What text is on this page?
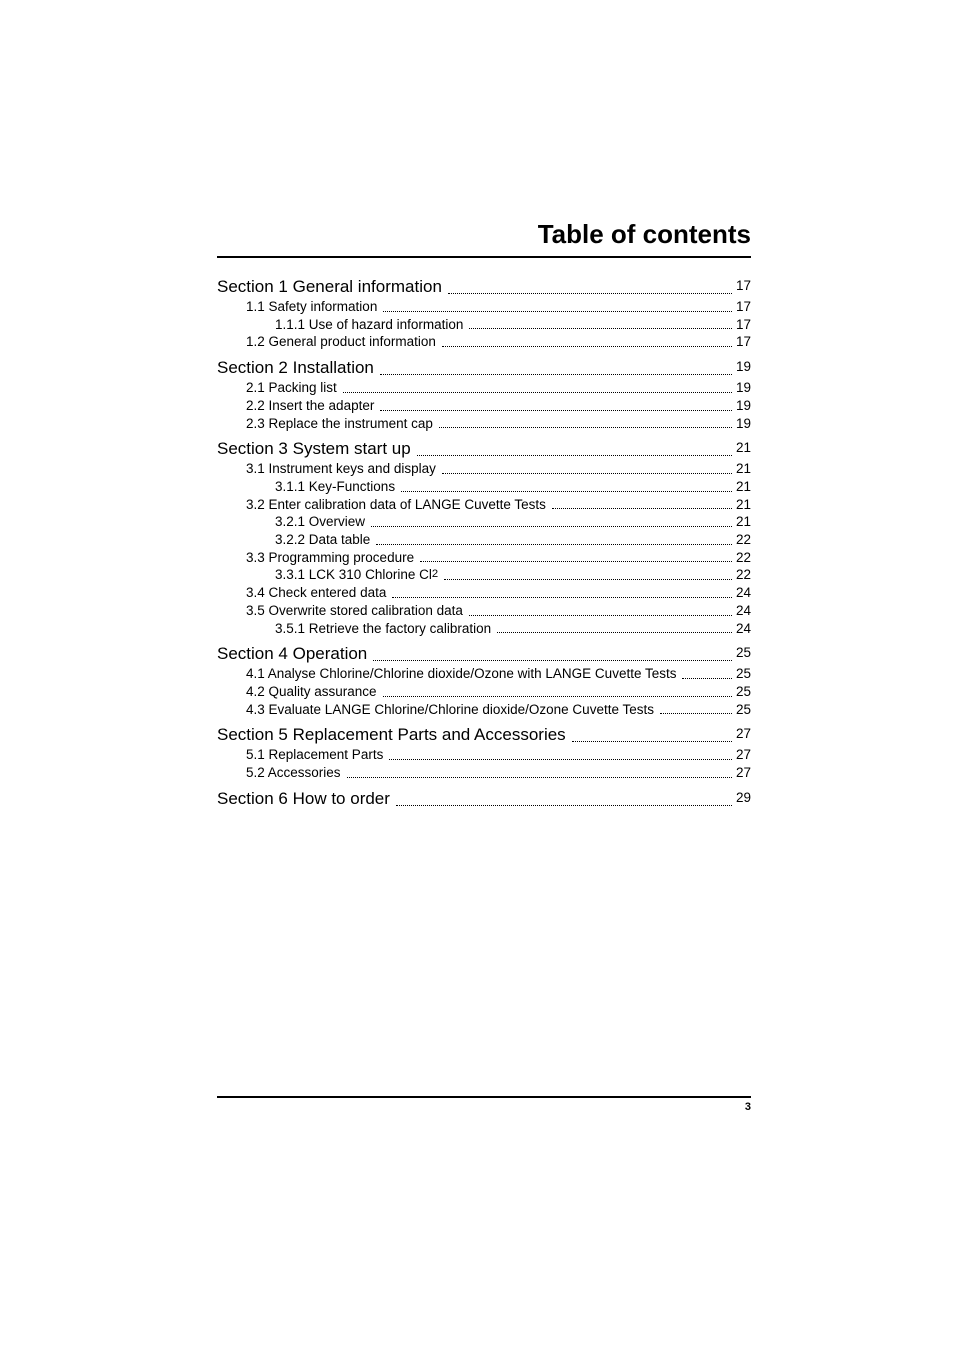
Table of contents
Section 1 General information	17
1.1 Safety information	17
1.1.1 Use of hazard information	17
1.2 General product information	17
Section 2 Installation	19
2.1 Packing list	19
2.2 Insert the adapter	19
2.3 Replace the instrument cap	19
Section 3 System start up	21
3.1 Instrument keys and display	21
3.1.1 Key-Functions	21
3.2 Enter calibration data of LANGE Cuvette Tests	21
3.2.1 Overview	21
3.2.2 Data table	22
3.3 Programming procedure	22
3.3.1 LCK 310 Chlorine Cl 2	22
3.4 Check entered data	24
3.5 Overwrite stored calibration data	24
3.5.1 Retrieve the factory calibration	24
Section 4 Operation	25
4.1 Analyse Chlorine/Chlorine dioxide/Ozone with LANGE Cuvette Tests	25
4.2 Quality assurance	25
4.3 Evaluate LANGE Chlorine/Chlorine dioxide/Ozone Cuvette Tests	25
Section 5 Replacement Parts and Accessories	27
5.1 Replacement Parts	27
5.2 Accessories	27
Section 6 How to order	29
3
